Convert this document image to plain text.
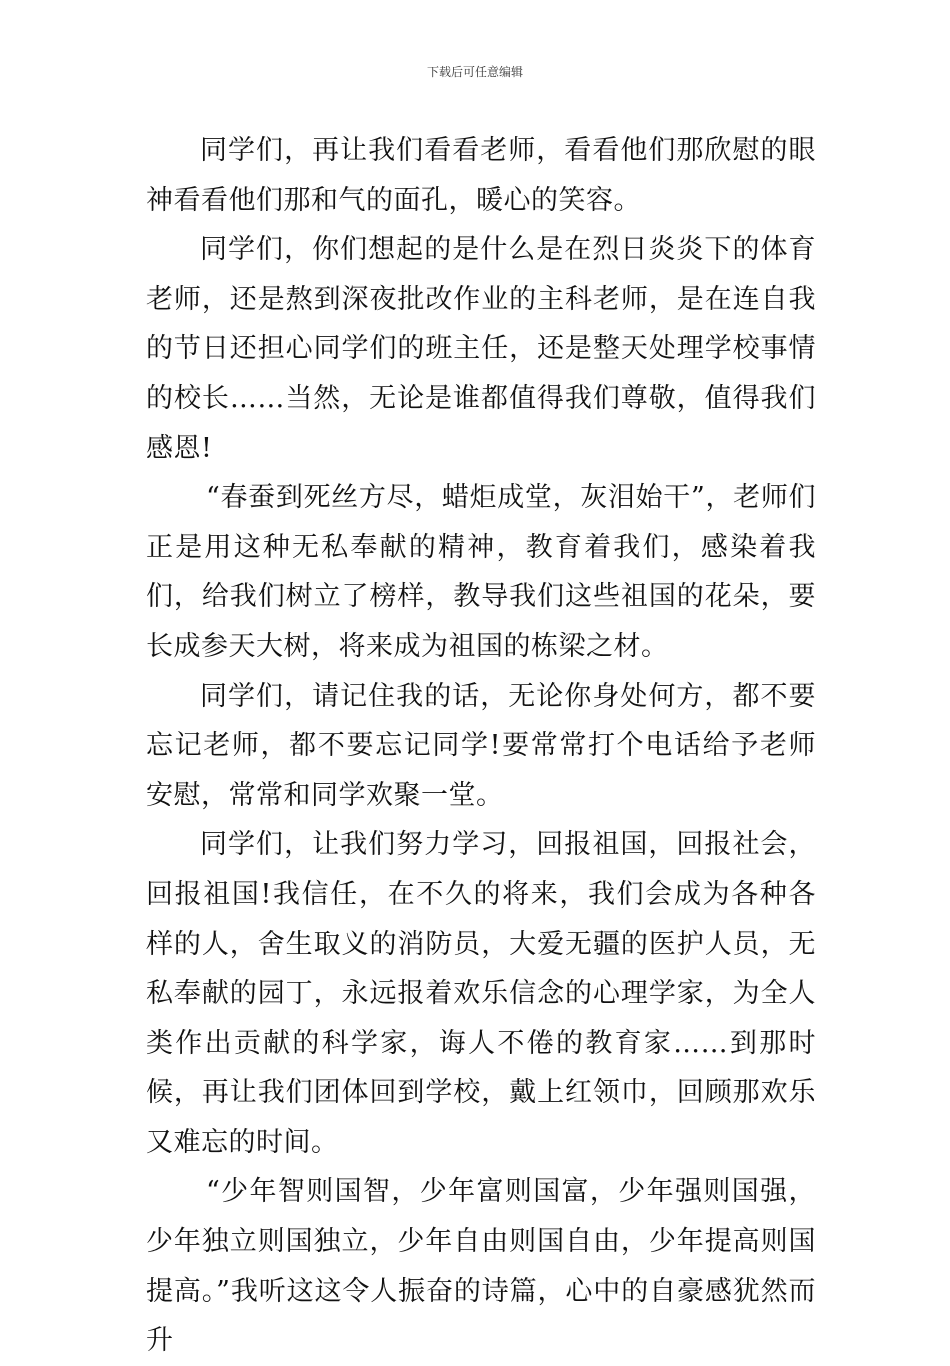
下载后可任意编辑

同学们，再让我们看看老师，看看他们那欣慰的眼神看看他们那和气的面孔，暖心的笑容。

同学们，你们想起的是什么是在烈日炎炎下的体育老师，还是熬到深夜批改作业的主科老师，是在连自我的节日还担心同学们的班主任，还是整天处理学校事情的校长……当然，无论是谁都值得我们尊敬，值得我们感恩!

“春蚕到死丝方尽，蜡炬成堂，灰泪始干”，老师们正是用这种无私奉献的精神，教育着我们，感染着我们，给我们树立了榜样，教导我们这些祖国的花朵，要长成参天大树，将来成为祖国的栋梁之材。

同学们，请记住我的话，无论你身处何方，都不要忘记老师，都不要忘记同学!要常常打个电话给予老师安慰，常常和同学欢聚一堂。

同学们，让我们努力学习，回报祖国，回报社会，回报祖国!我信任，在不久的将来，我们会成为各种各样的人，舍生取义的消防员，大爱无疆的医护人员，无私奉献的园丁，永远报着欢乐信念的心理学家，为全人类作出贡献的科学家，诲人不倦的教育家……到那时候，再让我们团体回到学校，戴上红领巾，回顾那欢乐又难忘的时间。

“少年智则国智，少年富则国富，少年强则国强，少年独立则国独立，少年自由则国自由，少年提高则国提高。”我听这这令人振奋的诗篇，心中的自豪感犹然而升
